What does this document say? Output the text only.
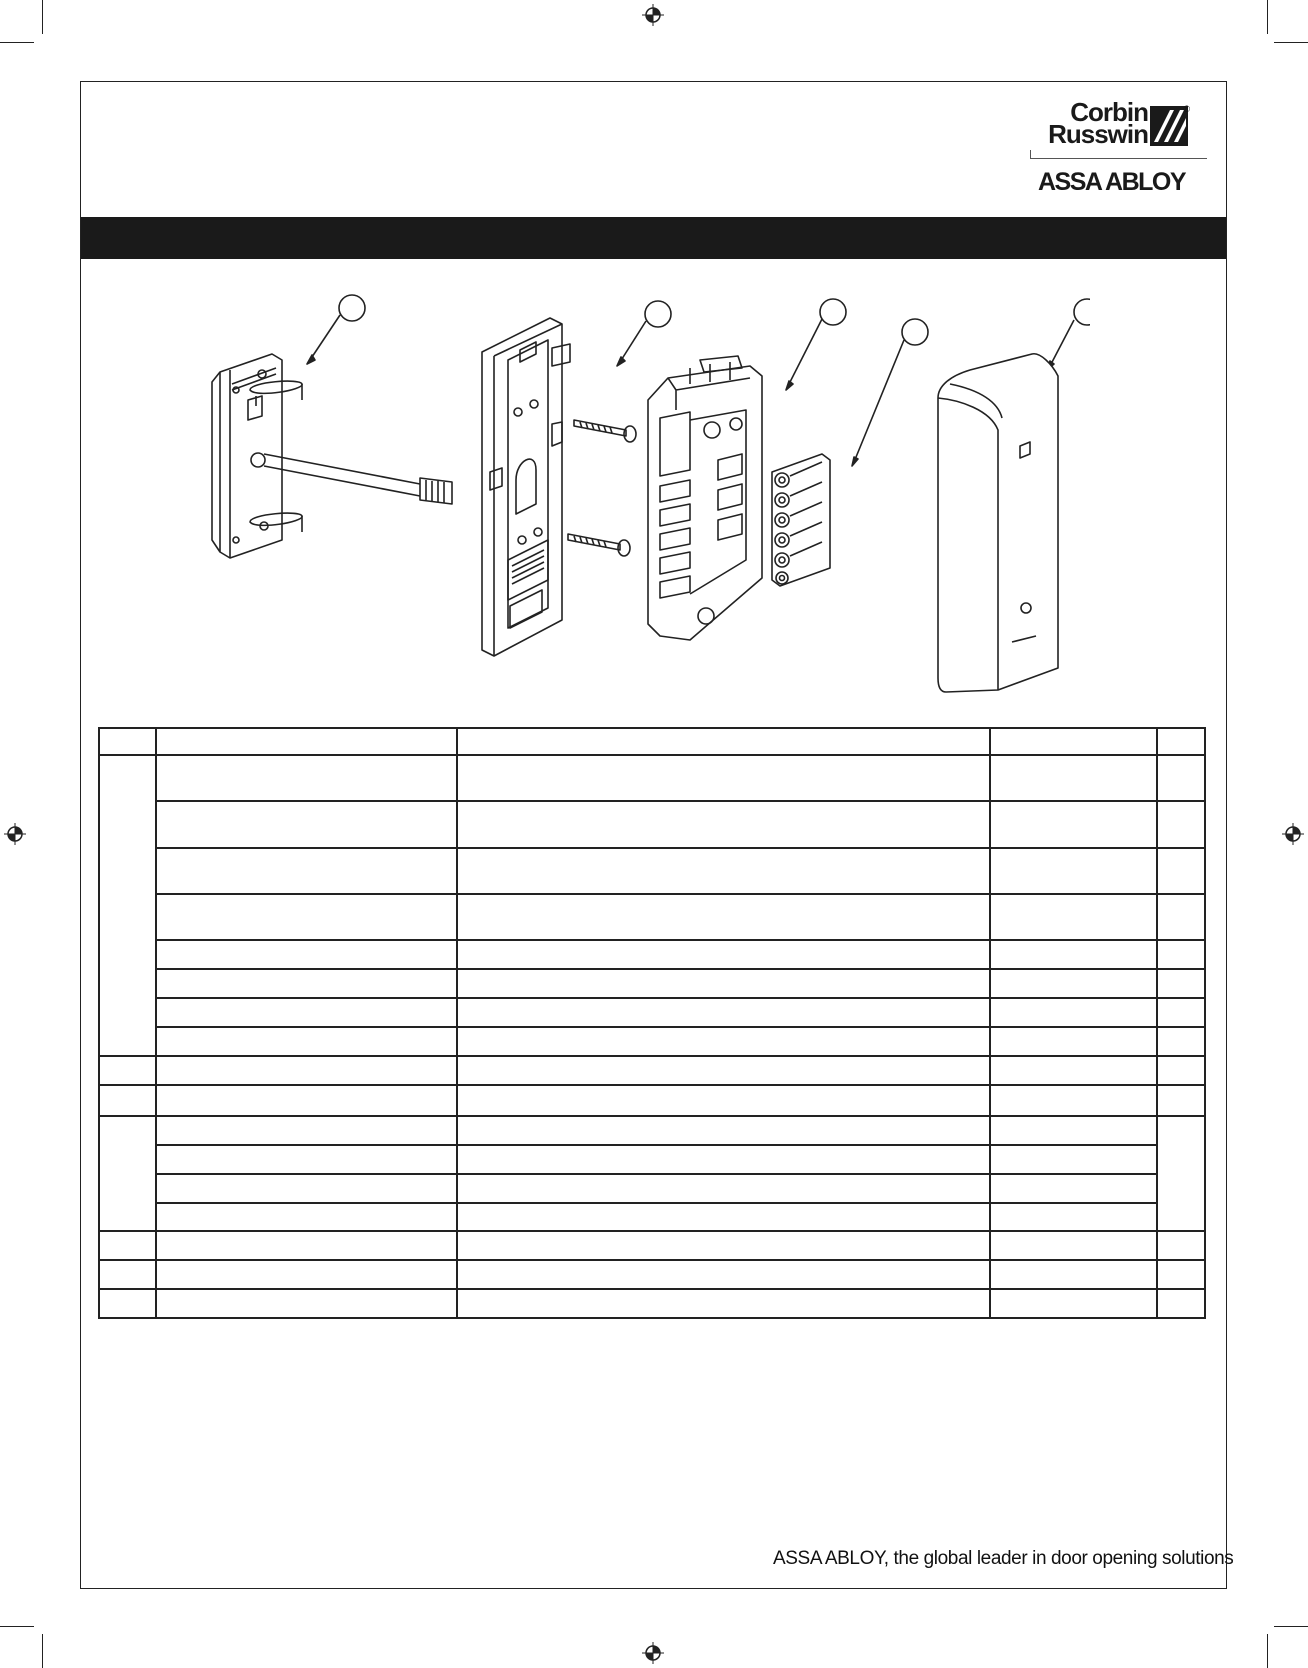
Corbin
Russwin
®
ASSA ABLOY

ASSA ABLOY, the global leader in door opening solutions
